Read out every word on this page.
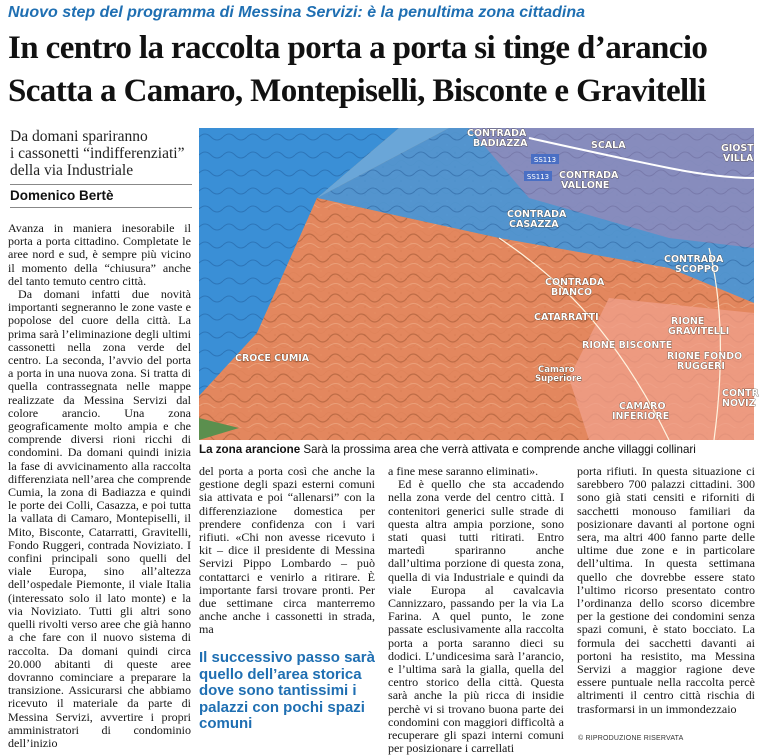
Nuovo step del programma di Messina Servizi: è la penultima zona cittadina
In centro la raccolta porta a porta si tinge d’arancio
Scatta a Camaro, Montepiselli, Bisconte e Gravitelli
Da domani spariranno
i cassonetti “indifferenziati”
della via Industriale
Domenico Bertè
SS113
SS113
CONTRADA
BADIAZZA	SCALA	GIOST
VILLA
CONTRADA
VALLONE
CONTRADA
CASAZZA
CONTRADA
SCOPPO
CONTRADA
BIANCO
CATARRATTI	RIONE
GRAVITELLI
RIONE BISCONTE
CROCE CUMIA	RIONE FONDO
RUGGERI
CAMARO
INFERIORE
CONTR
NOVIZ
Camaro
Superiore
La zona arancione Sarà la prossima area che verrà attivata e comprende anche villaggi collinari

Avanza in maniera inesorabile il porta a porta cittadino. Completate le aree nord e sud, è sempre più vicino il momento della “chiusura” anche del tanto temuto centro città.

Da domani infatti due novità importanti segneranno le zone vaste e popolose del cuore della città. La prima sarà l’eliminazione degli ultimi cassonetti nella zona verde del centro. La seconda, l’avvio del porta a porta in una nuova zona. Si tratta di quella contrassegnata nelle mappe realizzate da Messina Servizi dal colore arancio. Una zona geograficamente molto ampia e che comprende diversi rioni ricchi di condomini. Da domani quindi inizia la fase di avvicinamento alla raccolta differenziata nell’area che comprende Cumia, la zona di Badiazza e quindi le porte dei Colli, Casazza, e poi tutta la vallata di Camaro, Montepiselli, il Mito, Bisconte, Catarratti, Gravitelli, Fondo Ruggeri, contrada Noviziato. I confini principali sono quelli del viale Europa, sino all’altezza dell’ospedale Piemonte, il viale Italia (interessato solo il lato monte) e la via Noviziato. Tutti gli altri sono quelli rivolti verso aree che già hanno a che fare con il nuovo sistema di raccolta. Da domani quindi circa 20.000 abitanti di queste aree dovranno cominciare a preparare la transizione. Assicurarsi che abbiamo ricevuto il materiale da parte di Messina Servizi, avvertire i propri amministratori di condominio dell’inizio

del porta a porta così che anche la gestione degli spazi esterni comuni sia attivata e poi “allenarsi” con la differenziazione domestica per prendere confidenza con i vari rifiuti. «Chi non avesse ricevuto i kit – dice il presidente di Messina Servizi Pippo Lombardo – può contattarci e venirlo a ritirare. È importante farsi trovare pronti. Per due settimane circa manterremo anche anche i cassonetti in strada, ma

Il successivo passo sarà quello dell’area storica dove sono tantissimi i palazzi con pochi spazi comuni

a fine mese saranno eliminati».

Ed è quello che sta accadendo nella zona verde del centro città. I contenitori generici sulle strade di questa altra ampia porzione, sono stati quasi tutti ritirati. Entro martedì spariranno anche dall’ultima porzione di questa zona, quella di via Industriale e quindi da viale Europa al cavalcavia Cannizzaro, passando per la via La Farina. A quel punto, le zone passate esclusivamente alla raccolta porta a porta saranno dieci su dodici. L’undicesima sarà l’arancio, e l’ultima sarà la gialla, quella del centro storico della città. Questa sarà anche la più ricca di insidie perchè vi si trovano buona parte dei condomini con maggiori difficoltà a recuperare gli spazi interni comuni per posizionare i carrellati

porta rifiuti. In questa situazione ci sarebbero 700 palazzi cittadini. 300 sono già stati censiti e riforniti di sacchetti monouso familiari da posizionare davanti al portone ogni sera, ma altri 400 fanno parte delle ultime due zone e in particolare dell’ultima. In questa settimana quello che dovrebbe essere stato l’ultimo ricorso presentato contro l’ordinanza dello scorso dicembre per la gestione dei condomini senza spazi comuni, è stato bocciato. La formula dei sacchetti davanti ai portoni ha resistito, ma Messina Servizi a maggior ragione deve essere puntuale nella raccolta percè altrimenti il centro città rischia di trasformarsi in un immondezzaio

© RIPRODUZIONE RISERVATA
